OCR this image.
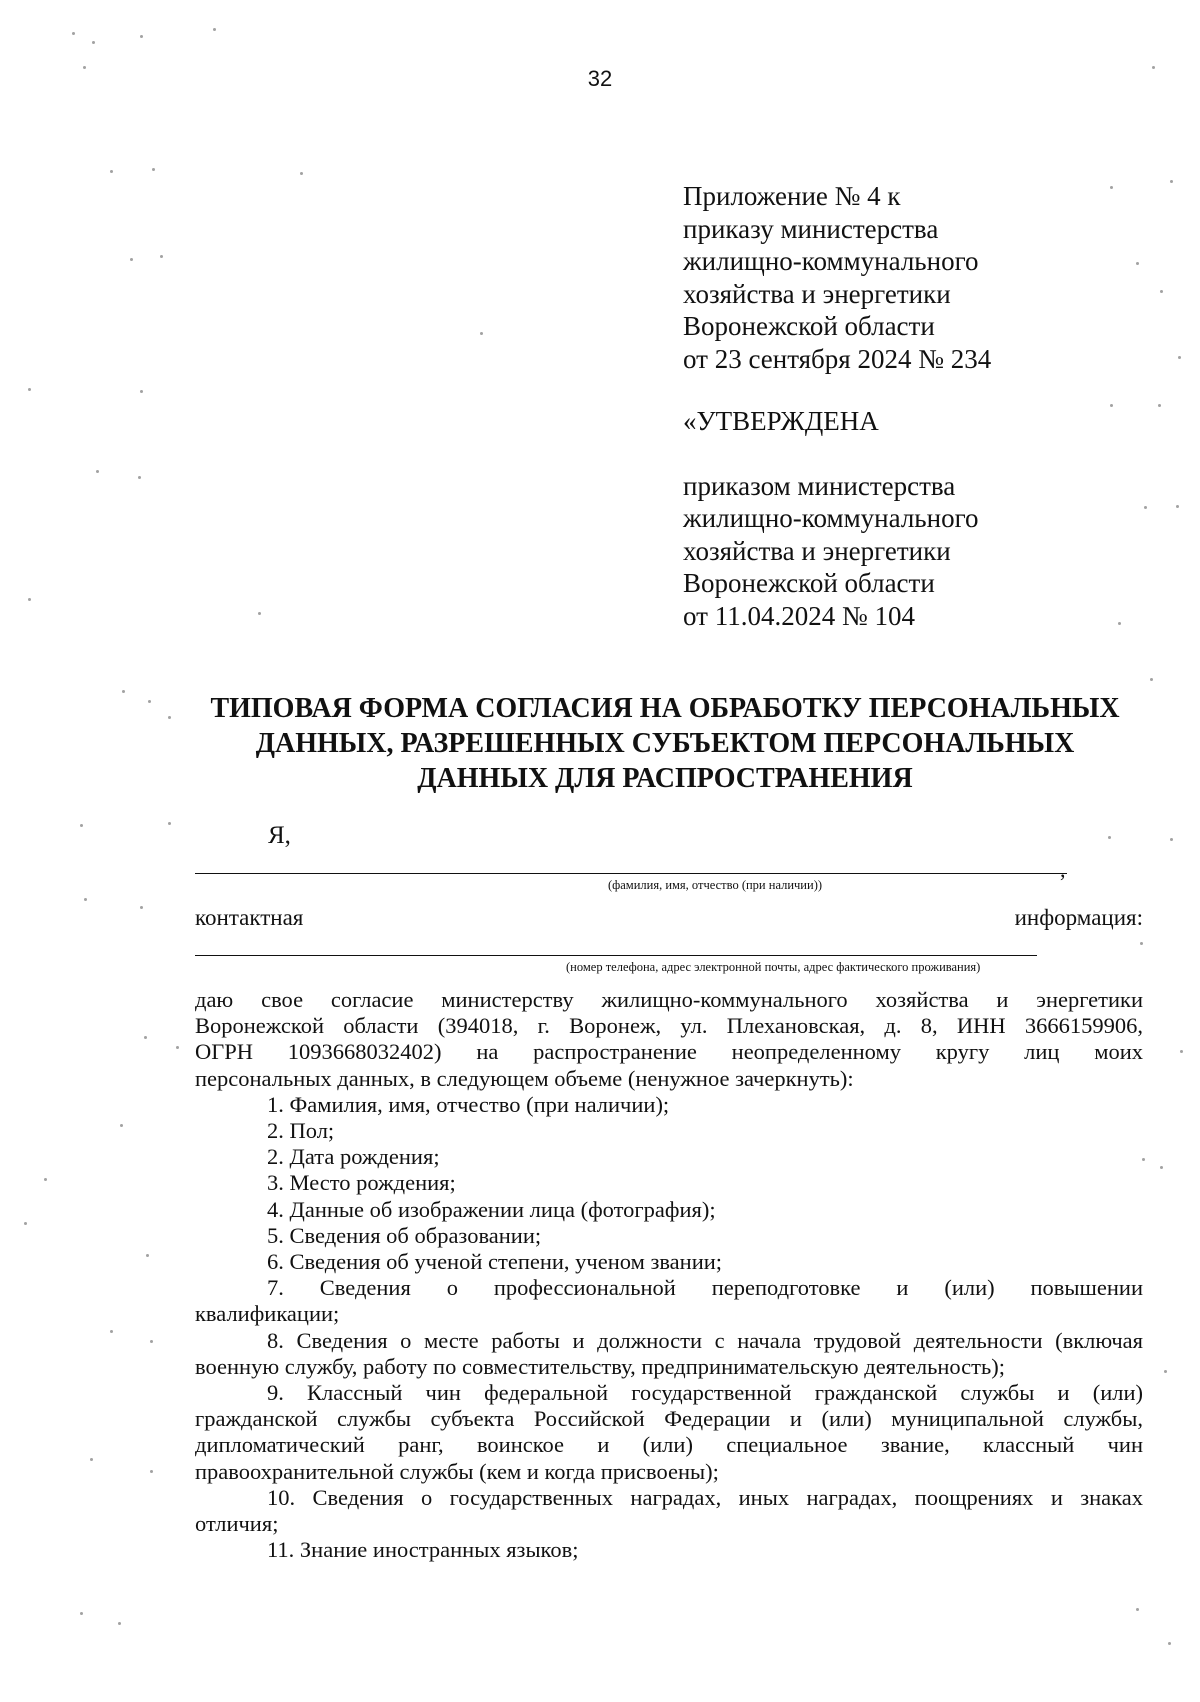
32
Приложение № 4 к
приказу министерства
жилищно-коммунального
хозяйства и энергетики
Воронежской области
от 23 сентября 2024 № 234
«УТВЕРЖДЕНА
приказом министерства
жилищно-коммунального
хозяйства и энергетики
Воронежской области
от 11.04.2024 № 104
ТИПОВАЯ ФОРМА СОГЛАСИЯ НА ОБРАБОТКУ ПЕРСОНАЛЬНЫХ
ДАННЫХ, РАЗРЕШЕННЫХ СУБЪЕКТОМ ПЕРСОНАЛЬНЫХ
ДАННЫХ ДЛЯ РАСПРОСТРАНЕНИЯ
Я,
,
(фамилия, имя, отчество (при наличии))
контактная	информация:
(номер телефона, адрес электронной почты, адрес фактического проживания)

даю свое согласие министерству жилищно-коммунального хозяйства и энергетики

Воронежской области (394018, г. Воронеж, ул. Плехановская, д. 8, ИНН 3666159906,

ОГРН 1093668032402) на распространение неопределенному кругу лиц моих

персональных данных, в следующем объеме (ненужное зачеркнуть):

1. Фамилия, имя, отчество (при наличии);

2. Пол;

2. Дата рождения;

3. Место рождения;

4. Данные об изображении лица (фотография);

5. Сведения об образовании;

6. Сведения об ученой степени, ученом звании;

7. Сведения о профессиональной переподготовке и (или) повышении

квалификации;

8. Сведения о месте работы и должности с начала трудовой деятельности (включая

военную службу, работу по совместительству, предпринимательскую деятельность);

9. Классный чин федеральной государственной гражданской службы и (или)

гражданской службы субъекта Российской Федерации и (или) муниципальной службы,

дипломатический ранг, воинское и (или) специальное звание, классный чин

правоохранительной службы (кем и когда присвоены);

10. Сведения о государственных наградах, иных наградах, поощрениях и знаках

отличия;

11. Знание иностранных языков;
